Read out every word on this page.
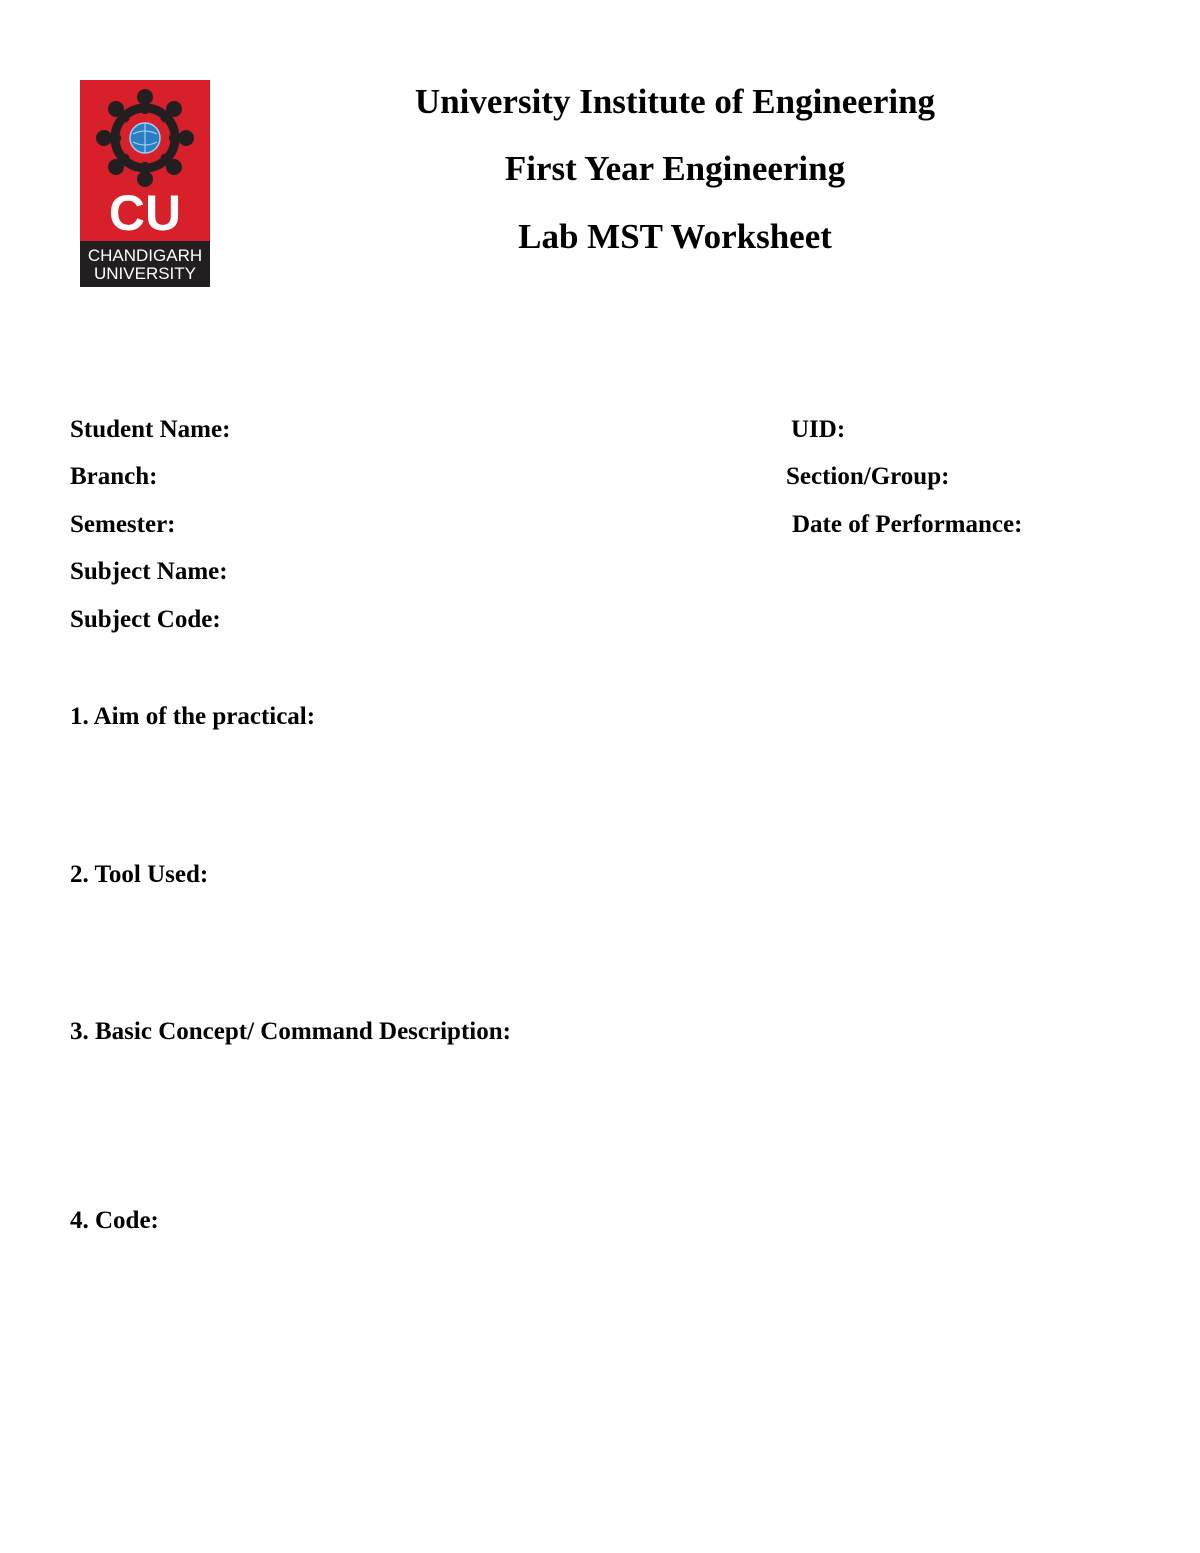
CU
CHANDIGARH
UNIVERSITY
University Institute of Engineering
First Year Engineering
Lab MST Worksheet
Student Name:	UID:
Branch:	Section/Group:
Semester:	Date of Performance:
Subject Name:
Subject Code:
1. Aim of the practical:
2. Tool Used:
3. Basic Concept/ Command Description:
4. Code:
